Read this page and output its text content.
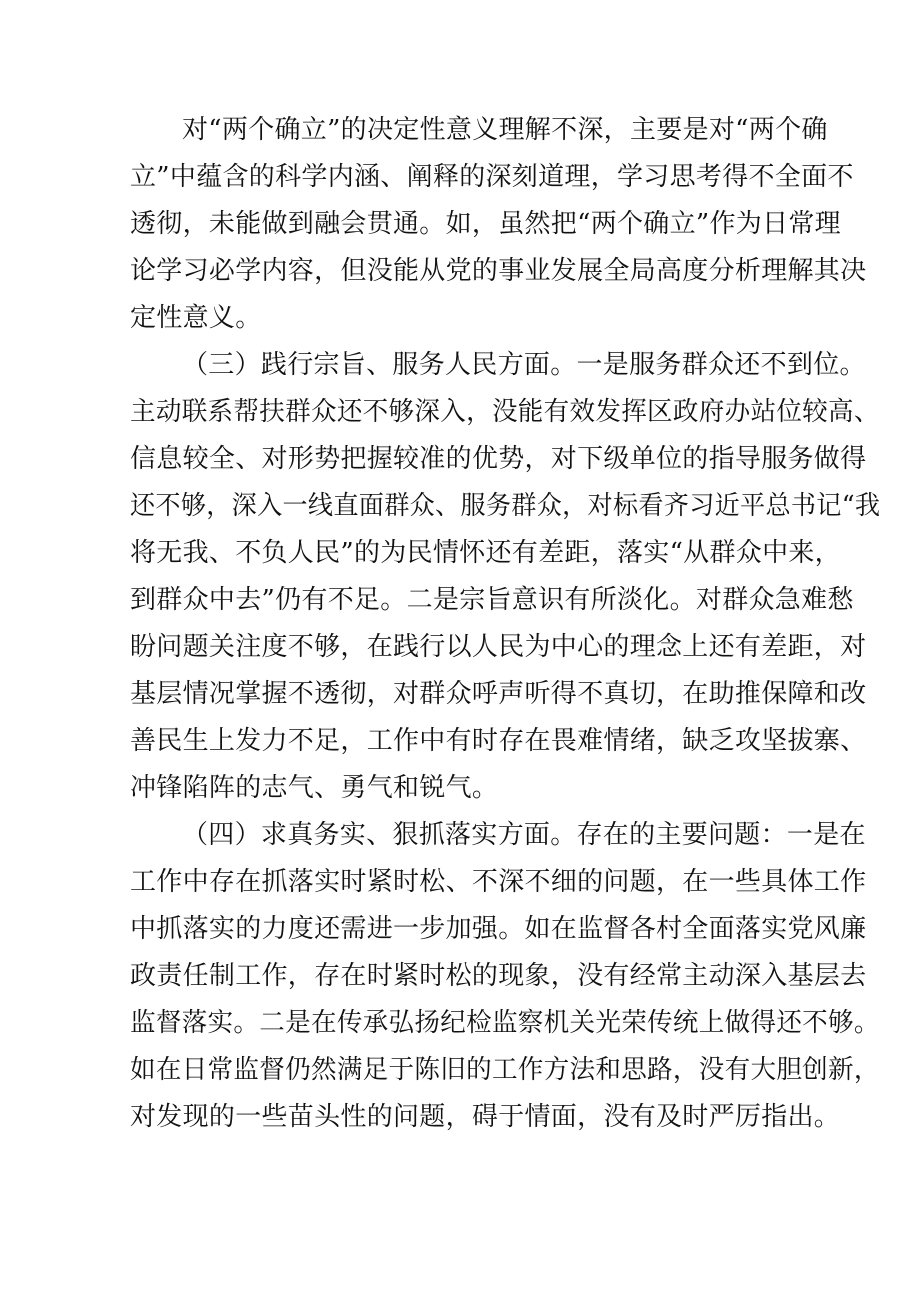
对“两个确立”的决定性意义理解不深，主要是对“两个确

立”中蕴含的科学内涵、阐释的深刻道理，学习思考得不全面不

透彻，未能做到融会贯通。如，虽然把“两个确立”作为日常理

论学习必学内容，但没能从党的事业发展全局高度分析理解其决

定性意义。

（三）践行宗旨、服务人民方面。一是服务群众还不到位。

主动联系帮扶群众还不够深入，没能有效发挥区政府办站位较高、

信息较全、对形势把握较准的优势，对下级单位的指导服务做得

还不够，深入一线直面群众、服务群众，对标看齐习近平总书记“我

将无我、不负人民”的为民情怀还有差距，落实“从群众中来，

到群众中去”仍有不足。二是宗旨意识有所淡化。对群众急难愁

盼问题关注度不够，在践行以人民为中心的理念上还有差距，对

基层情况掌握不透彻，对群众呼声听得不真切，在助推保障和改

善民生上发力不足，工作中有时存在畏难情绪，缺乏攻坚拔寨、

冲锋陷阵的志气、勇气和锐气。

（四）求真务实、狠抓落实方面。存在的主要问题：一是在

工作中存在抓落实时紧时松、不深不细的问题，在一些具体工作

中抓落实的力度还需进一步加强。如在监督各村全面落实党风廉

政责任制工作，存在时紧时松的现象，没有经常主动深入基层去

监督落实。二是在传承弘扬纪检监察机关光荣传统上做得还不够。

如在日常监督仍然满足于陈旧的工作方法和思路，没有大胆创新，

对发现的一些苗头性的问题，碍于情面，没有及时严厉指出。
